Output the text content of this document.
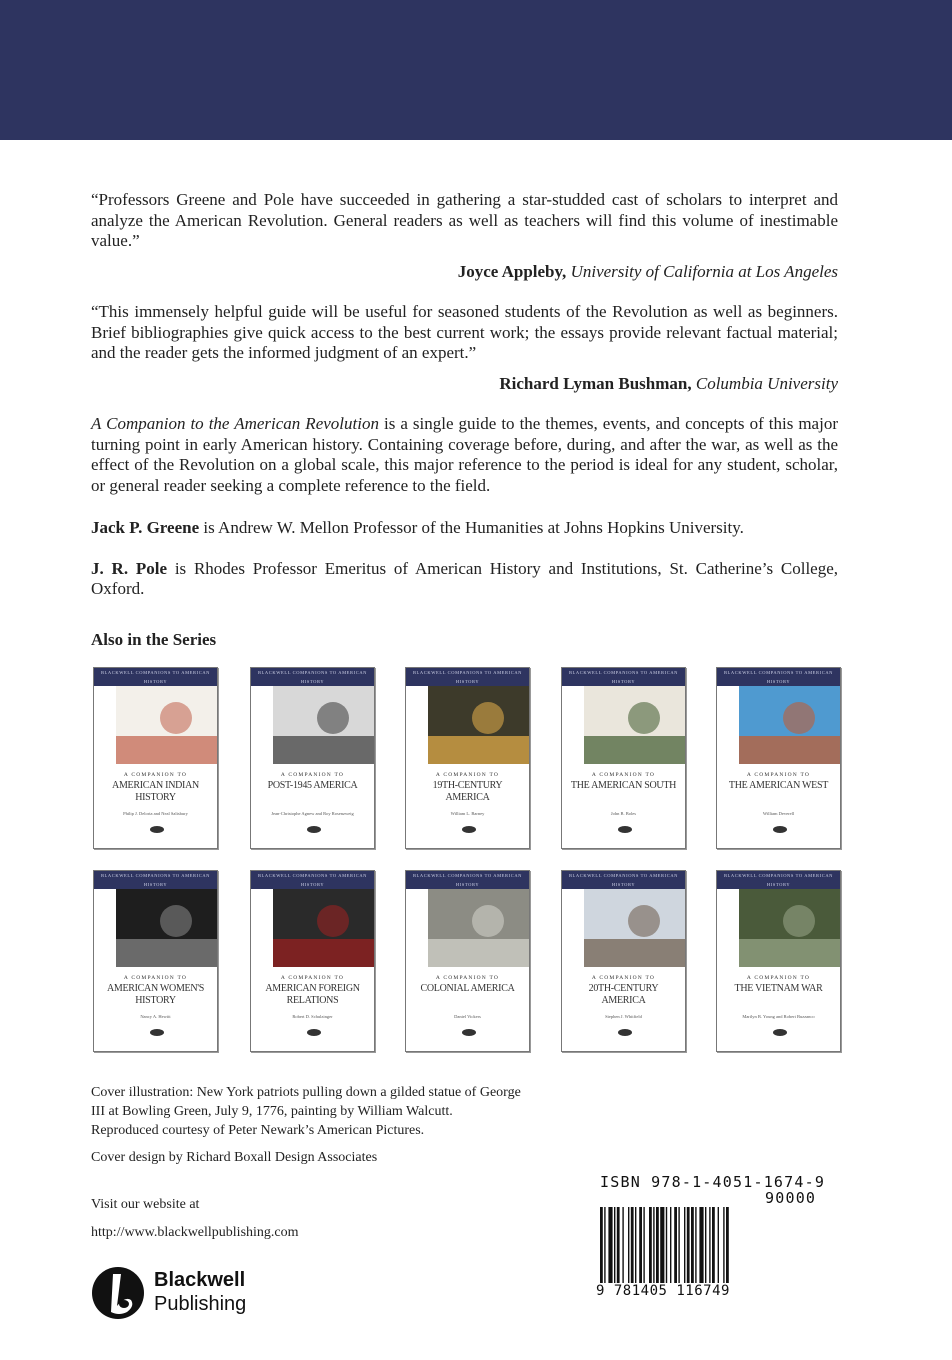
“Professors Greene and Pole have succeeded in gathering a star-studded cast of scholars to interpret and analyze the American Revolution. General readers as well as teachers will find this volume of inestimable value.”

Joyce Appleby, University of California at Los Angeles

“This immensely helpful guide will be useful for seasoned students of the Revolution as well as beginners. Brief bibliographies give quick access to the best current work; the essays provide relevant factual material; and the reader gets the informed judgment of an expert.”

Richard Lyman Bushman, Columbia University

A Companion to the American Revolution is a single guide to the themes, events, and concepts of this major turning point in early American history. Containing coverage before, during, and after the war, as well as the effect of the Revolution on a global scale, this major reference to the period is ideal for any student, scholar, or general reader seeking a complete reference to the field.

Jack P. Greene is Andrew W. Mellon Professor of the Humanities at Johns Hopkins University.

J. R. Pole is Rhodes Professor Emeritus of American History and Institutions, St. Catherine’s College, Oxford.

Also in the Series
BLACKWELL COMPANIONS TO AMERICAN HISTORY
A COMPANION TO
AMERICAN INDIAN HISTORY
Philip J. Deloria and Neal Salisbury
BLACKWELL COMPANIONS TO AMERICAN HISTORY
A COMPANION TO
POST-1945 AMERICA
Jean-Christophe Agnew and Roy Rosenzweig
BLACKWELL COMPANIONS TO AMERICAN HISTORY
A COMPANION TO
19TH-CENTURY AMERICA
William L. Barney
BLACKWELL COMPANIONS TO AMERICAN HISTORY
A COMPANION TO
THE AMERICAN SOUTH
John B. Boles
BLACKWELL COMPANIONS TO AMERICAN HISTORY
A COMPANION TO
THE AMERICAN WEST
William Deverell
BLACKWELL COMPANIONS TO AMERICAN HISTORY
A COMPANION TO
AMERICAN WOMEN'S HISTORY
Nancy A. Hewitt
BLACKWELL COMPANIONS TO AMERICAN HISTORY
A COMPANION TO
AMERICAN FOREIGN RELATIONS
Robert D. Schulzinger
BLACKWELL COMPANIONS TO AMERICAN HISTORY
A COMPANION TO
COLONIAL AMERICA
Daniel Vickers
BLACKWELL COMPANIONS TO AMERICAN HISTORY
A COMPANION TO
20TH-CENTURY AMERICA
Stephen J. Whitfield
BLACKWELL COMPANIONS TO AMERICAN HISTORY
A COMPANION TO
THE VIETNAM WAR
Marilyn B. Young and Robert Buzzanco

Cover illustration: New York patriots pulling down a gilded statue of George III at Bowling Green, July 9, 1776, painting by William Walcutt. Reproduced courtesy of Peter Newark’s American Pictures.

Cover design by Richard Boxall Design Associates
Visit our website at
http://www.blackwellpublishing.com
Blackwell
Publishing
ISBN 978-1-4051-1674-9
90000
9 781405 116749
